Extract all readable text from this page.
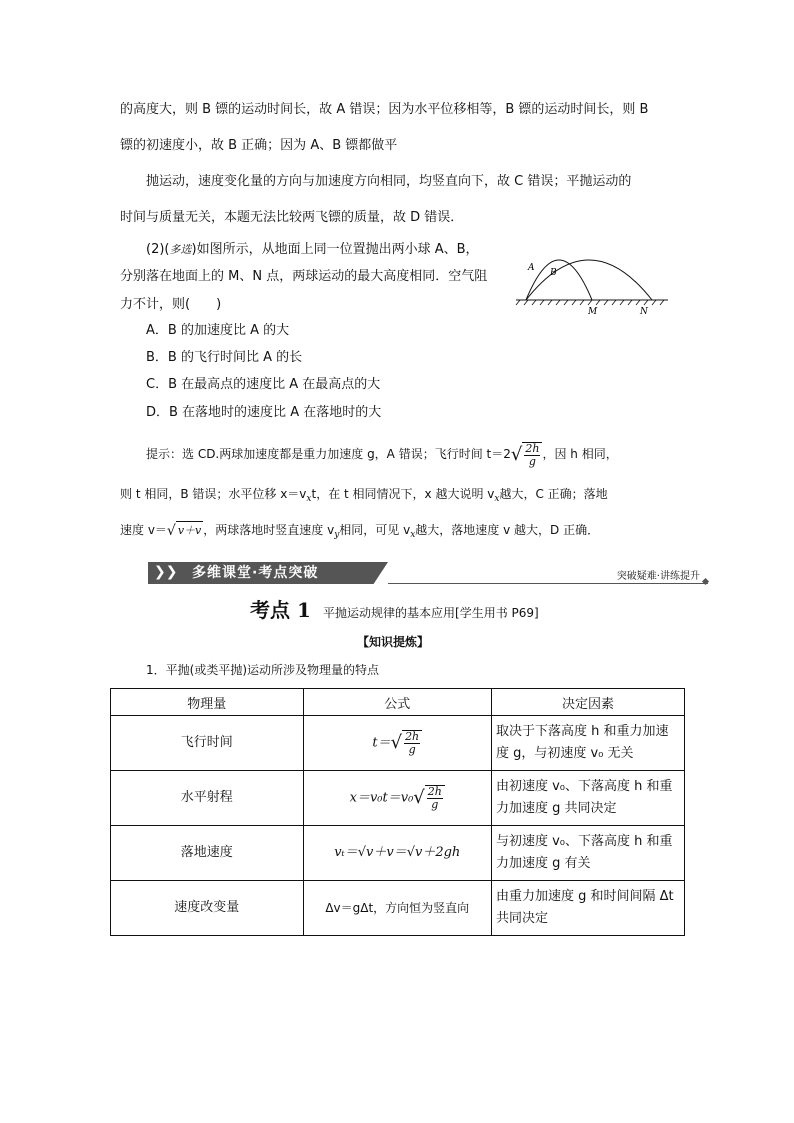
的高度大，则 B 镖的运动时间长，故 A 错误；因为水平位移相等，B 镖的运动时间长，则 B
镖的初速度小，故 B 正确；因为 A、B 镖都做平
抛运动，速度变化量的方向与加速度方向相同，均竖直向下，故 C 错误；平抛运动的
时间与质量无关，本题无法比较两飞镖的质量，故 D 错误．
(2)(多选)如图所示，从地面上同一位置抛出两小球 A、B，
分别落在地面上的 M、N 点，两球运动的最大高度相同．空气阻
力不计，则(　　)
A B
M	N
A．B 的加速度比 A 的大
B．B 的飞行时间比 A 的长
C．B 在最高点的速度比 A 在最高点的大
D．B 在落地时的速度比 A 在落地时的大
提示：选 CD.两球加速度都是重力加速度 g，A 错误；飞行时间 t＝2 √ $\frac{2h}{g}$ ，因 h 相同，
则 t 相同，B 错误；水平位移 $x=v_xt$，在 t 相同情况下，x 越大说明 $v_x$越大，C 正确；落地
速度 v＝ √ v＋v ，两球落地时竖直速度 $v_y$相同，可见 $v_x$越大，落地速度 v 越大，D 正确．
❯❯ 多维课堂·考点突破	突破疑难·讲练提升
考点 1 平抛运动规律的基本应用[学生用书 P69]
【知识提炼】
1．平抛(或类平抛)运动所涉及物理量的特点
物理量	公式	决定因素
飞行时间	t＝ √ $\frac{2h}{g}$	取决于下落高度 h 和重力加速度 g，与初速度 v₀ 无关
水平射程	x＝v₀t＝v₀ √ $\frac{2h}{g}$	由初速度 v₀、下落高度 h 和重力加速度 g 共同决定
落地速度	vₜ＝√v＋v＝√v＋2gh	与初速度 v₀、下落高度 h 和重力加速度 g 有关
速度改变量	Δv＝gΔt，方向恒为竖直向	由重力加速度 g 和时间间隔 Δt 共同决定
